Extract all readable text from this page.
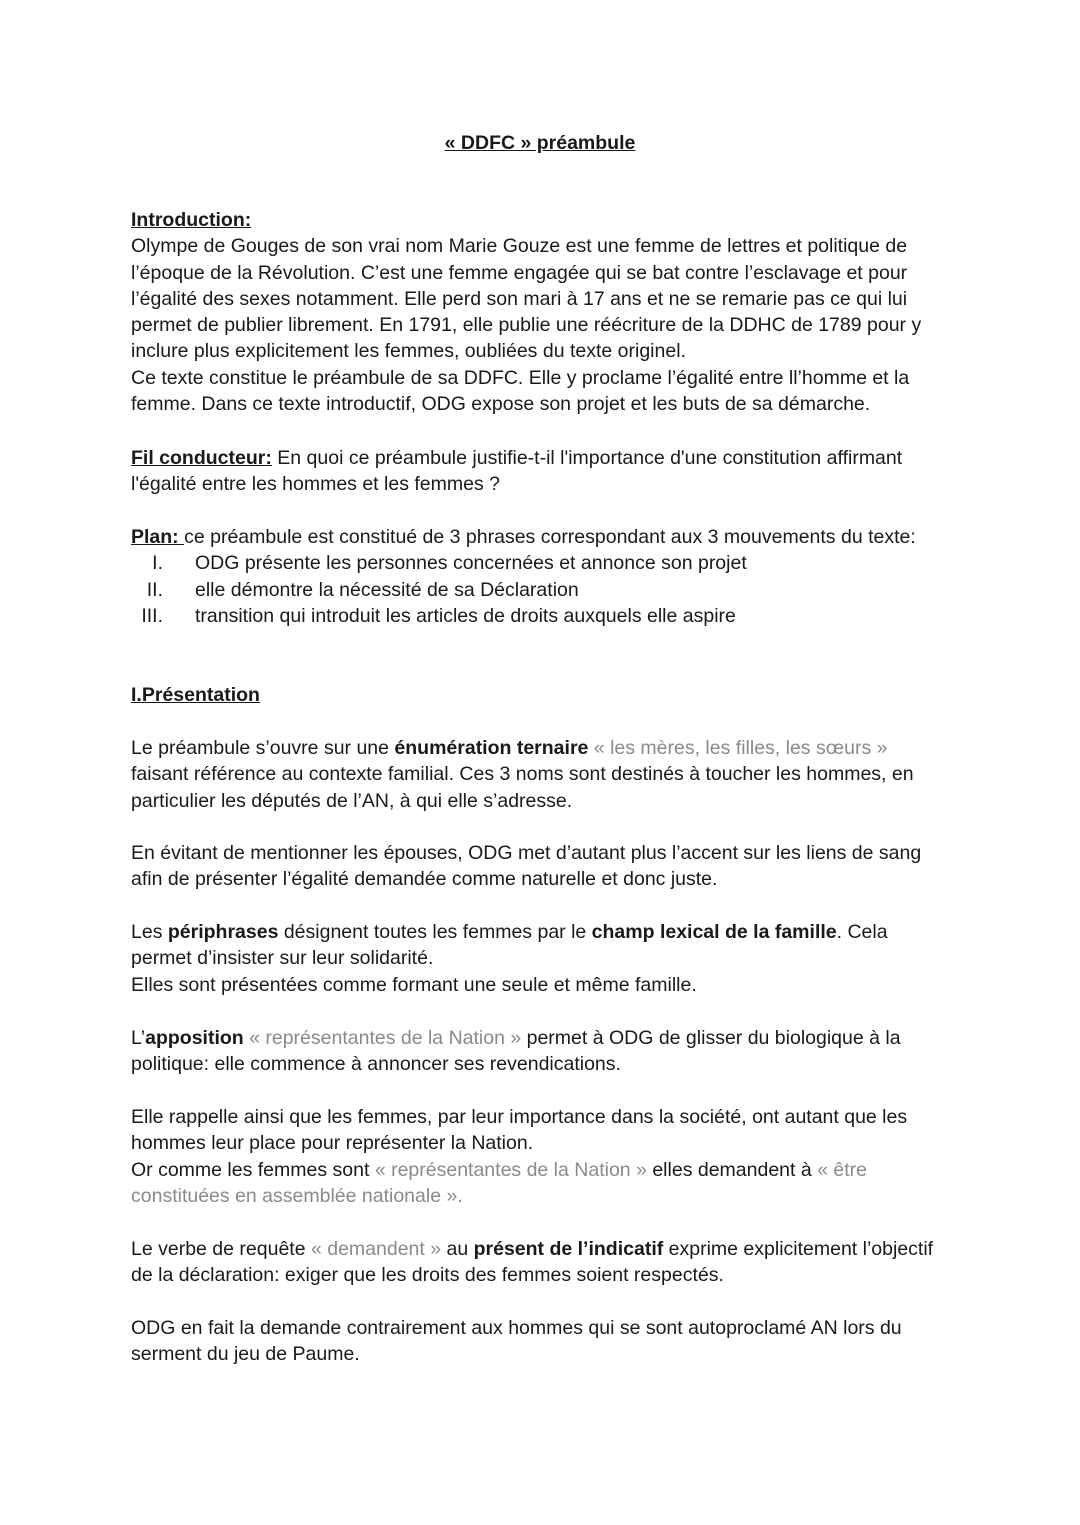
« DDFC » préambule

Introduction:

Olympe de Gouges de son vrai nom Marie Gouze est une femme de lettres et politique de l’époque de la Révolution. C’est une femme engagée qui se bat contre l’esclavage et pour l’égalité des sexes notamment. Elle perd son mari à 17 ans et ne se remarie pas ce qui lui permet de publier librement. En 1791, elle publie une réécriture de la DDHC de 1789 pour y inclure plus explicitement les femmes, oubliées du texte originel.

Ce texte constitue le préambule de sa DDFC. Elle y proclame l’égalité entre ll’homme et la femme. Dans ce texte introductif, ODG expose son projet et les buts de sa démarche.

Fil conducteur: En quoi ce préambule justifie-t-il l'importance d'une constitution affirmant l'égalité entre les hommes et les femmes ?

Plan: ce préambule est constitué de 3 phrases correspondant aux 3 mouvements du texte:
I. ODG présente les personnes concernées et annonce son projet
II. elle démontre la nécessité de sa Déclaration
III. transition qui introduit les articles de droits auxquels elle aspire

I.Présentation

Le préambule s’ouvre sur une énumération ternaire « les mères, les filles, les sœurs »
faisant référence au contexte familial. Ces 3 noms sont destinés à toucher les hommes, en particulier les députés de l’AN, à qui elle s’adresse.

En évitant de mentionner les épouses, ODG met d’autant plus l’accent sur les liens de sang afin de présenter l’égalité demandée comme naturelle et donc juste.

Les périphrases désignent toutes les femmes par le champ lexical de la famille. Cela permet d’insister sur leur solidarité.

Elles sont présentées comme formant une seule et même famille.

L’apposition « représentantes de la Nation » permet à ODG de glisser du biologique à la politique: elle commence à annoncer ses revendications.

Elle rappelle ainsi que les femmes, par leur importance dans la société, ont autant que les hommes leur place pour représenter la Nation.

Or comme les femmes sont « représentantes de la Nation » elles demandent à « être constituées en assemblée nationale ».

Le verbe de requête « demandent » au présent de l’indicatif exprime explicitement l’objectif de la déclaration: exiger que les droits des femmes soient respectés.

ODG en fait la demande contrairement aux hommes qui se sont autoproclamé AN lors du serment du jeu de Paume.
